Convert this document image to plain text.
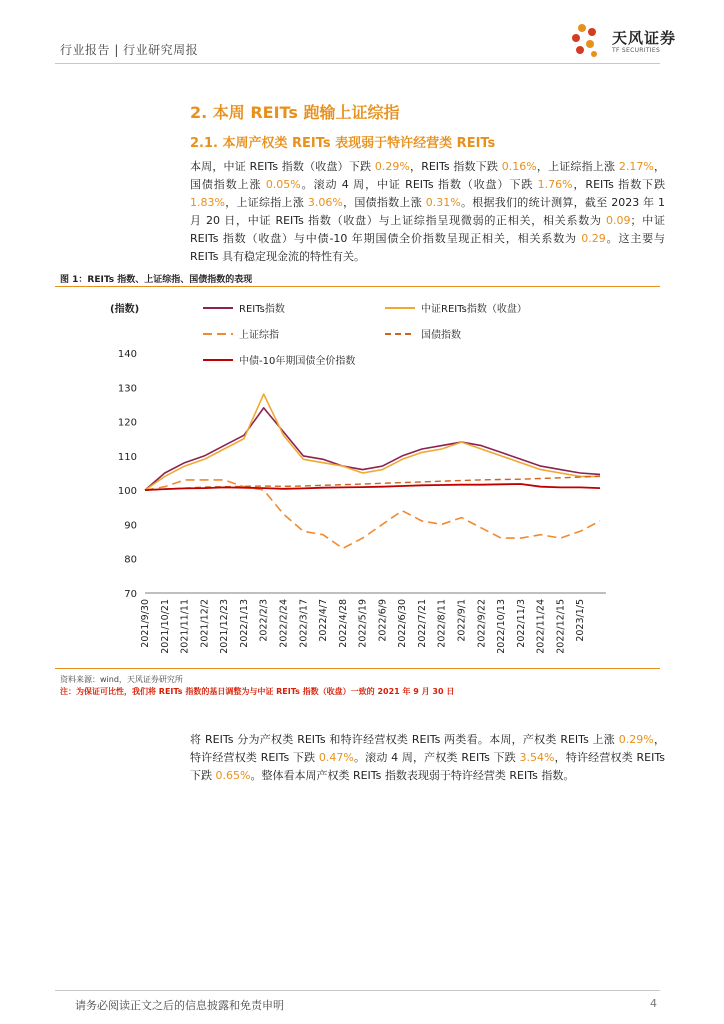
行业报告 | 行业研究周报
天风证券
TF SECURITIES
2. 本周 REITs 跑输上证综指
2.1. 本周产权类 REITs 表现弱于特许经营类 REITs
本周，中证 REITs 指数（收盘）下跌 0.29%，REITs 指数下跌 0.16%，上证综指上涨 2.17%，国债指数上涨 0.05%。滚动 4 周，中证 REITs 指数（收盘）下跌 1.76%，REITs 指数下跌 1.83%，上证综指上涨 3.06%，国债指数上涨 0.31%。根据我们的统计测算，截至 2023 年 1 月 20 日，中证 REITs 指数（收盘）与上证综指呈现微弱的正相关，相关系数为 0.09；中证 REITs 指数（收盘）与中债-10 年期国债全价指数呈现正相关，相关系数为 0.29。这主要与 REITs 具有稳定现金流的特性有关。
图 1：REITs 指数、上证综指、国债指数的表现
REITs指数	中证REITs指数（收盘）
上证综指	国债指数
中债-10年期国债全价指数
(指数)
70
80
90
100
110
120
130
140
2021/9/30 2021/10/21 2021/11/11 2021/12/2 2021/12/23 2022/1/13 2022/2/3 2022/2/24 2022/3/17 2022/4/7 2022/4/28 2022/5/19 2022/6/9 2022/6/30 2022/7/21 2022/8/11 2022/9/1 2022/9/22 2022/10/13 2022/11/3 2022/11/24 2022/12/15 2023/1/5
资料来源：wind，天风证券研究所
注：为保证可比性，我们将 REITs 指数的基日调整为与中证 REITs 指数（收盘）一致的 2021 年 9 月 30 日
将 REITs 分为产权类 REITs 和特许经营权类 REITs 两类看。本周，产权类 REITs 上涨 0.29%，特许经营权类 REITs 下跌 0.47%。滚动 4 周，产权类 REITs 下跌 3.54%，特许经营权类 REITs 下跌 0.65%。整体看本周产权类 REITs 指数表现弱于特许经营类 REITs 指数。
请务必阅读正文之后的信息披露和免责申明	4
